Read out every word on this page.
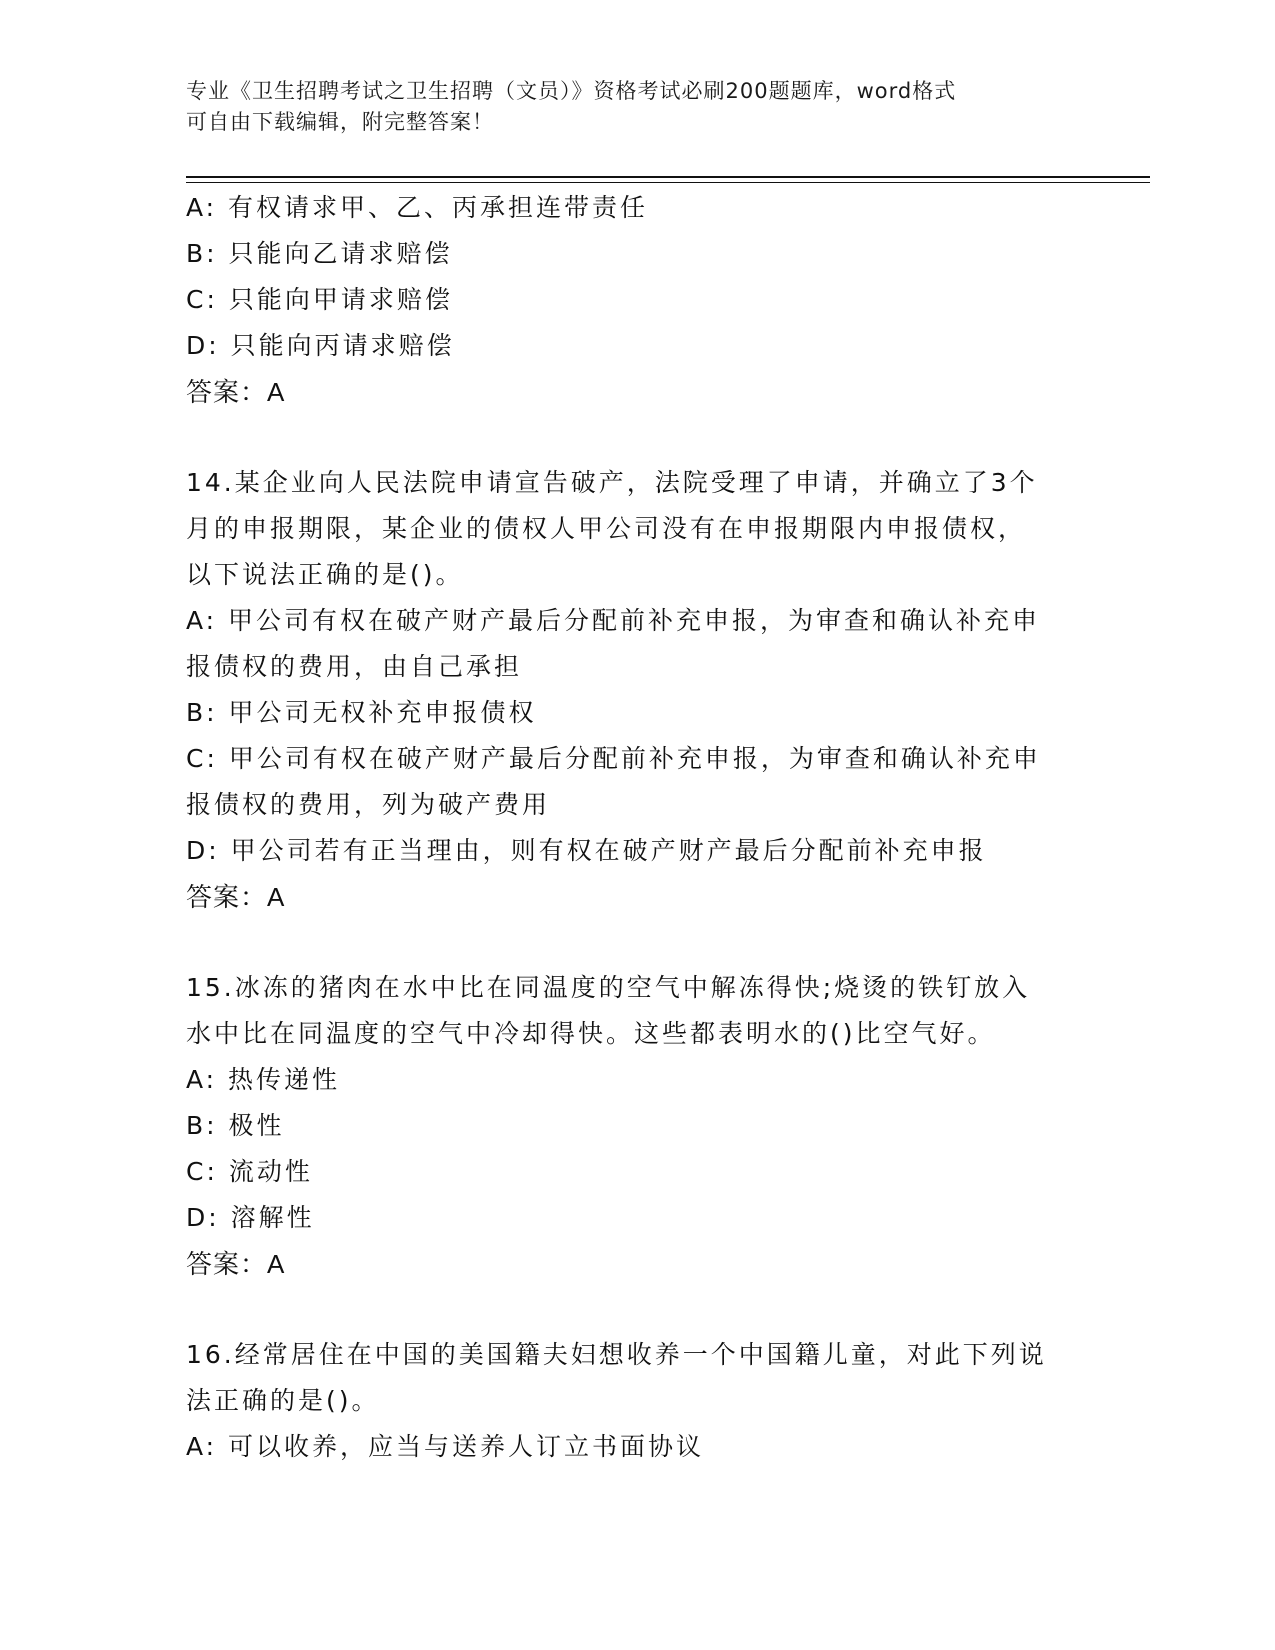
专业《卫生招聘考试之卫生招聘（文员）》资格考试必刷200题题库，word格式
可自由下载编辑，附完整答案！
A: 有权请求甲、乙、丙承担连带责任
B: 只能向乙请求赔偿
C: 只能向甲请求赔偿
D: 只能向丙请求赔偿
答案：A
14.某企业向人民法院申请宣告破产，法院受理了申请，并确立了3个
月的申报期限，某企业的债权人甲公司没有在申报期限内申报债权，
以下说法正确的是()。
A: 甲公司有权在破产财产最后分配前补充申报，为审查和确认补充申
报债权的费用，由自己承担
B: 甲公司无权补充申报债权
C: 甲公司有权在破产财产最后分配前补充申报，为审查和确认补充申
报债权的费用，列为破产费用
D: 甲公司若有正当理由，则有权在破产财产最后分配前补充申报
答案：A
15.冰冻的猪肉在水中比在同温度的空气中解冻得快;烧烫的铁钉放入
水中比在同温度的空气中冷却得快。这些都表明水的()比空气好。
A: 热传递性
B: 极性
C: 流动性
D: 溶解性
答案：A
16.经常居住在中国的美国籍夫妇想收养一个中国籍儿童，对此下列说
法正确的是()。
A: 可以收养，应当与送养人订立书面协议
